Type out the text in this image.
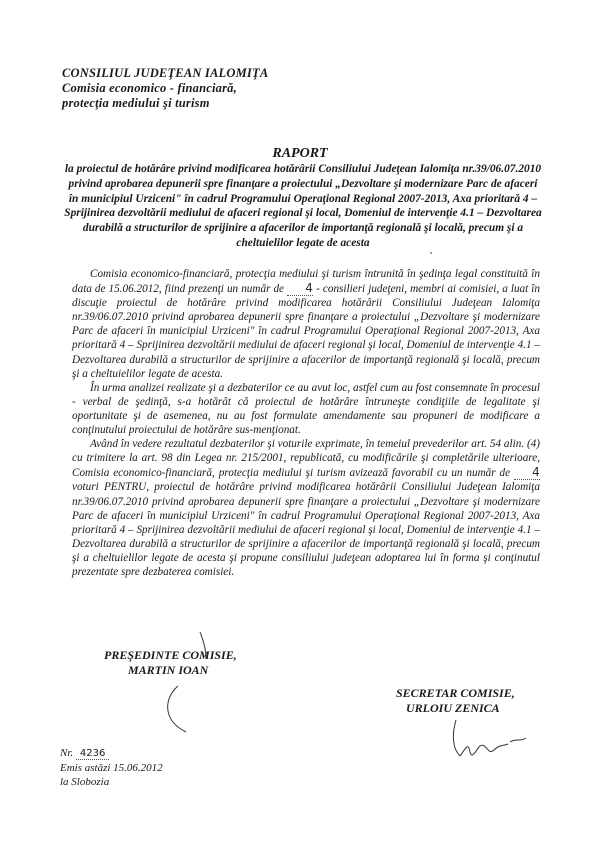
CONSILIUL JUDEŢEAN IALOMIŢA
Comisia economico - financiară,
protecţia mediului şi turism
RAPORT
la proiectul de hotărâre privind modificarea hotărârii Consiliului Judeţean Ialomiţa nr.39/06.07.2010 privind aprobarea depunerii spre finanţare a proiectului „Dezvoltare şi modernizare Parc de afaceri în municipiul Urziceni" în cadrul Programului Operaţional Regional 2007-2013, Axa prioritară 4 – Sprijinirea dezvoltării mediului de afaceri regional şi local, Domeniul de intervenţie 4.1 – Dezvoltarea durabilă a structurilor de sprijinire a afacerilor de importanţă regională şi locală, precum şi a cheltuielilor legate de acesta

Comisia economico-financiară, protecţia mediului şi turism întrunită în şedinţa legal constituită în data de 15.06.2012, fiind prezenţi un număr de 4 - consilieri judeţeni, membri ai comisiei, a luat în discuţie proiectul de hotărâre privind modificarea hotărârii Consiliului Judeţean Ialomiţa nr.39/06.07.2010 privind aprobarea depunerii spre finanţare a proiectului „Dezvoltare şi modernizare Parc de afaceri în municipiul Urziceni" în cadrul Programului Operaţional Regional 2007-2013, Axa prioritară 4 – Sprijinirea dezvoltării mediului de afaceri regional şi local, Domeniul de intervenţie 4.1 – Dezvoltarea durabilă a structurilor de sprijinire a afacerilor de importanţă regională şi locală, precum şi a cheltuielilor legate de acesta.

În urma analizei realizate şi a dezbaterilor ce au avut loc, astfel cum au fost consemnate în procesul - verbal de şedinţă, s-a hotărât că proiectul de hotărâre întruneşte condiţiile de legalitate şi oportunitate şi de asemenea, nu au fost formulate amendamente sau propuneri de modificare a conţinutului proiectului de hotărâre sus-menţionat.

Având în vedere rezultatul dezbaterilor şi voturile exprimate, în temeiul prevederilor art. 54 alin. (4) cu trimitere la art. 98 din Legea nr. 215/2001, republicată, cu modificările şi completările ulterioare, Comisia economico-financiară, protecţia mediului şi turism avizează favorabil cu un număr de 4 voturi PENTRU, proiectul de hotărâre privind modificarea hotărârii Consiliului Judeţean Ialomiţa nr.39/06.07.2010 privind aprobarea depunerii spre finanţare a proiectului „Dezvoltare şi modernizare Parc de afaceri în municipiul Urziceni" în cadrul Programului Operaţional Regional 2007-2013, Axa prioritară 4 – Sprijinirea dezvoltării mediului de afaceri regional şi local, Domeniul de intervenţie 4.1 – Dezvoltarea durabilă a structurilor de sprijinire a afacerilor de importanţă regională şi locală, precum şi a cheltuielilor legate de acesta şi propune consiliului judeţean adoptarea lui în forma şi conţinutul prezentate spre dezbaterea comisiei.

PREŞEDINTE COMISIE,
MARTIN IOAN
SECRETAR COMISIE,
URLOIU ZENICA
Nr. 4236
Emis astăzi 15.06.2012
la Slobozia
